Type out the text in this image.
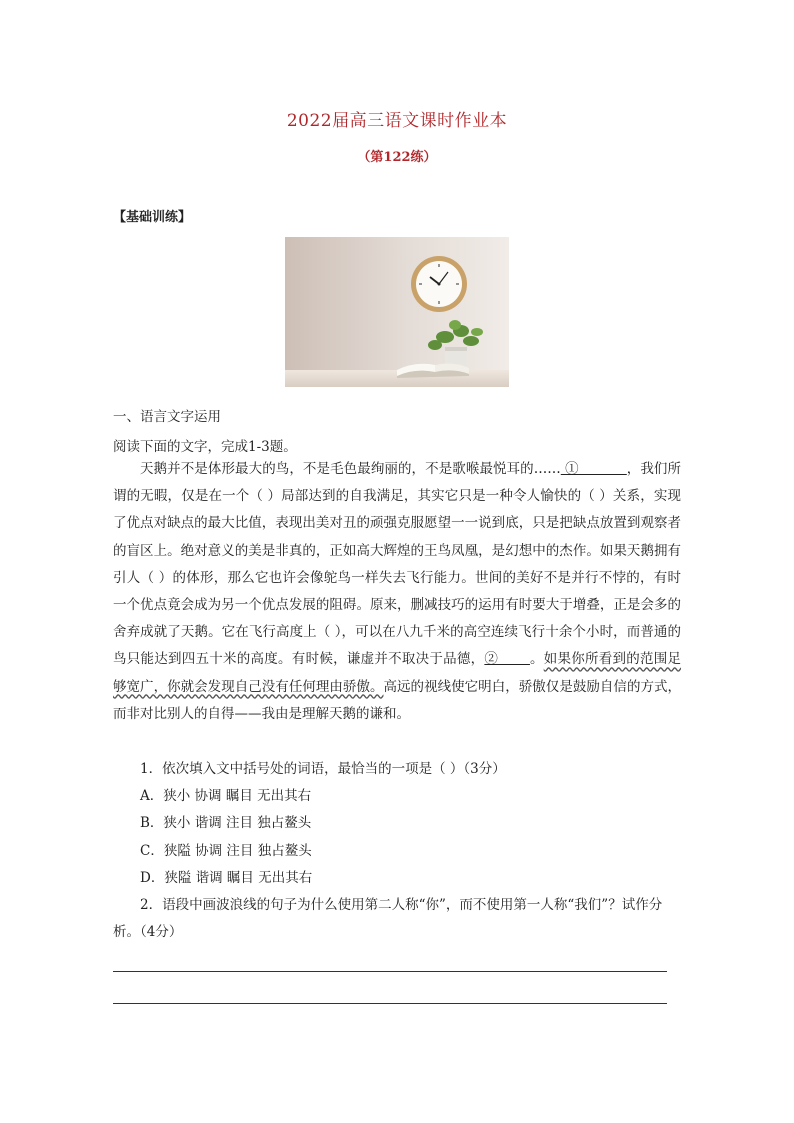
2022届高三语文课时作业本
（第122练）
【基础训练】
一、语言文字运用
阅读下面的文字，完成1-3题。

天鹅并不是体形最大的鸟，不是毛色最绚丽的，不是歌喉最悦耳的…… ①           ，我们所谓的无暇，仅是在一个（ ）局部达到的自我满足，其实它只是一种令人愉快的（ ）关系，实现了优点对缺点的最大比值，表现出美对丑的顽强克服愿望一一说到底，只是把缺点放置到观察者的盲区上。绝对意义的美是非真的，正如高大辉煌的王鸟凤凰，是幻想中的杰作。如果天鹅拥有引人（ ）的体形，那么它也许会像鸵鸟一样失去飞行能力。世间的美好不是并行不悖的，有时一个优点竟会成为另一个优点发展的阻碍。原来，删减技巧的运用有时要大于增叠，正是会多的舍弃成就了天鹅。它在飞行高度上（ ），可以在八九千米的高空连续飞行十余个小时，而普通的鸟只能达到四五十米的高度。有时候，谦虚并不取决于品德，②       。如果你所看到的范围足够宽广，你就会发现自己没有任何理由骄傲。高远的视线使它明白，骄傲仅是鼓励自信的方式，而非对比别人的自得——我由是理解天鹅的谦和。

1．依次填入文中括号处的词语，最恰当的一项是（ ）（3分）

A．狭小 协调 瞩目 无出其右

B．狭小 谐调 注目 独占鳌头

C．狭隘 协调 注目 独占鳌头

D．狭隘 谐调 瞩目 无出其右

2．语段中画波浪线的句子为什么使用第二人称“你”，而不使用第一人称“我们”？试作分析。（4分）
